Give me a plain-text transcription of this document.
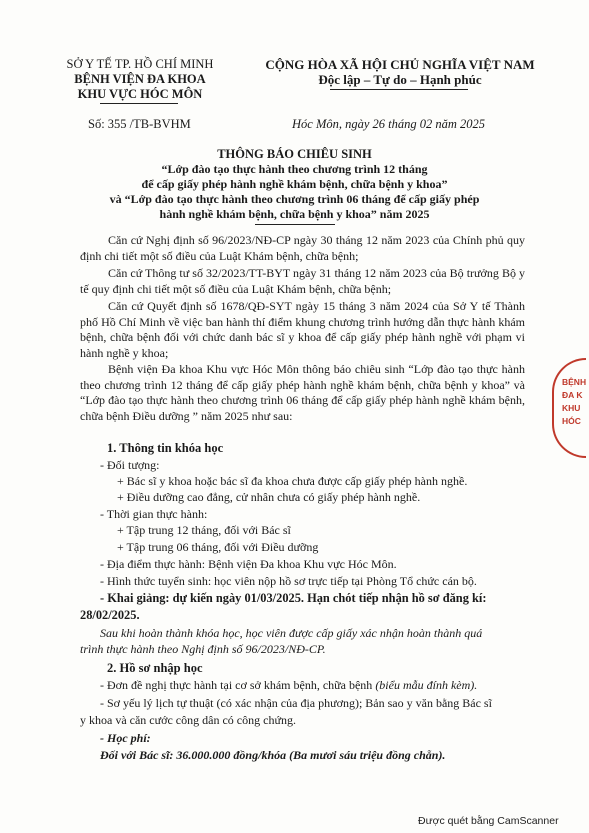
SỞ Y TẾ TP. HỒ CHÍ MINH
BỆNH VIỆN ĐA KHOA
KHU VỰC HÓC MÔN
Số: 355 /TB-BVHM
CỘNG HÒA XÃ HỘI CHỦ NGHĨA VIỆT NAM
Độc lập – Tự do – Hạnh phúc
Hóc Môn, ngày 26 tháng 02 năm 2025
THÔNG BÁO CHIÊU SINH
“Lớp đào tạo thực hành theo chương trình 12 tháng
để cấp giấy phép hành nghề khám bệnh, chữa bệnh y khoa”
và “Lớp đào tạo thực hành theo chương trình 06 tháng để cấp giấy phép
hành nghề khám bệnh, chữa bệnh y khoa” năm 2025

Căn cứ Nghị định số 96/2023/NĐ-CP ngày 30 tháng 12 năm 2023 của Chính phủ quy định chi tiết một số điều của Luật Khám bệnh, chữa bệnh;

Căn cứ Thông tư số 32/2023/TT-BYT ngày 31 tháng 12 năm 2023 của Bộ trưởng Bộ y tế quy định chi tiết một số điều của Luật Khám bệnh, chữa bệnh;

Căn cứ Quyết định số 1678/QĐ-SYT ngày 15 tháng 3 năm 2024 của Sở Y tế Thành phố Hồ Chí Minh về việc ban hành thí điểm khung chương trình hướng dẫn thực hành khám bệnh, chữa bệnh đối với chức danh bác sĩ y khoa để cấp giấy phép hành nghề với phạm vi hành nghề y khoa;

Bệnh viện Đa khoa Khu vực Hóc Môn thông báo chiêu sinh “Lớp đào tạo thực hành theo chương trình 12 tháng để cấp giấy phép hành nghề khám bệnh, chữa bệnh y khoa” và “Lớp đào tạo thực hành theo chương trình 06 tháng để cấp giấy phép hành nghề khám bệnh, chữa bệnh Điều dưỡng ” năm 2025 như sau:

1. Thông tin khóa học
- Đối tượng:
+ Bác sĩ y khoa hoặc bác sĩ đa khoa chưa được cấp giấy phép hành nghề.
+ Điều dưỡng cao đẳng, cử nhân chưa có giấy phép hành nghề.
- Thời gian thực hành:
+ Tập trung 12 tháng, đối với Bác sĩ
+ Tập trung 06 tháng, đối với Điều dưỡng
- Địa điểm thực hành: Bệnh viện Đa khoa Khu vực Hóc Môn.
- Hình thức tuyển sinh: học viên nộp hồ sơ trực tiếp tại Phòng Tổ chức cán bộ.
- Khai giảng: dự kiến ngày 01/03/2025. Hạn chót tiếp nhận hồ sơ đăng kí:
28/02/2025.
Sau khi hoàn thành khóa học, học viên được cấp giấy xác nhận hoàn thành quá
trình thực hành theo Nghị định số 96/2023/NĐ-CP.
2. Hồ sơ nhập học
- Đơn đề nghị thực hành tại cơ sở khám bệnh, chữa bệnh (biểu mẫu đính kèm).
- Sơ yếu lý lịch tự thuật (có xác nhận của địa phương); Bản sao y văn bằng Bác sĩ
y khoa và căn cước công dân có công chứng.
- Học phí:
Đối với Bác sĩ: 36.000.000 đồng/khóa (Ba mươi sáu triệu đồng chẵn).
BỆNH
ĐA K
KHU
HÓC
Được quét bằng CamScanner
